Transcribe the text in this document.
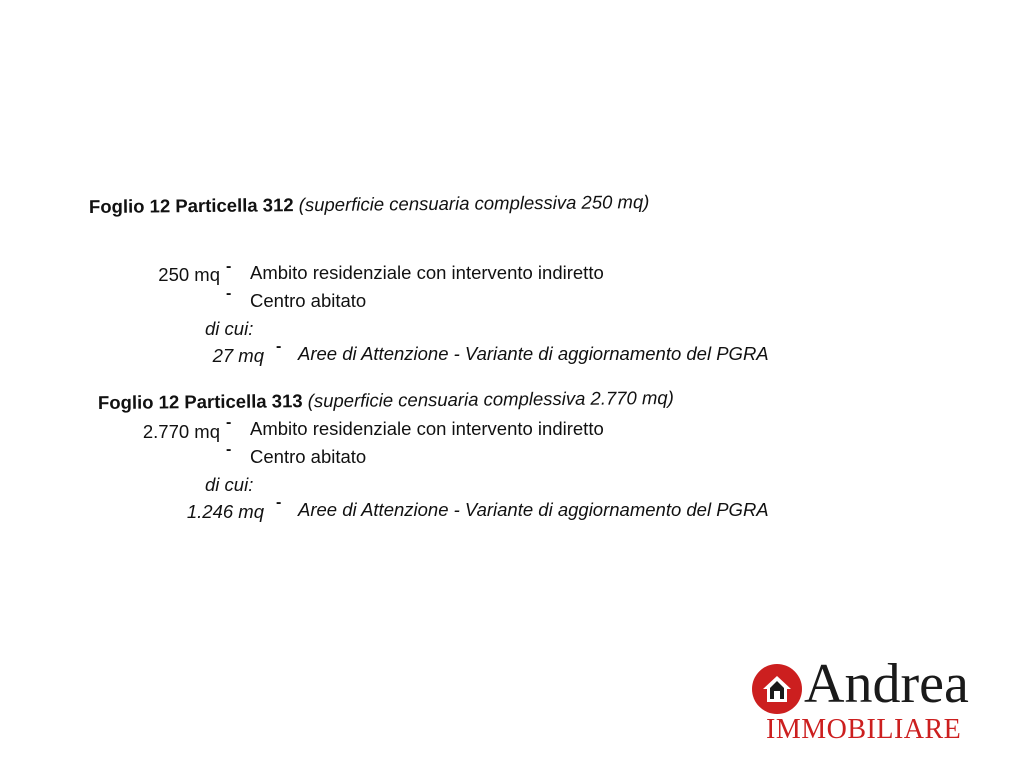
Foglio 12 Particella 312 (superficie censuaria complessiva 250 mq)
250 mq - Ambito residenziale con intervento indiretto
- Centro abitato
di cui:
27 mq - Aree di Attenzione - Variante di aggiornamento del PGRA
Foglio 12 Particella 313 (superficie censuaria complessiva 2.770 mq)
2.770 mq - Ambito residenziale con intervento indiretto
- Centro abitato
di cui:
1.246 mq - Aree di Attenzione - Variante di aggiornamento del PGRA
Andrea
IMMOBILIARE
